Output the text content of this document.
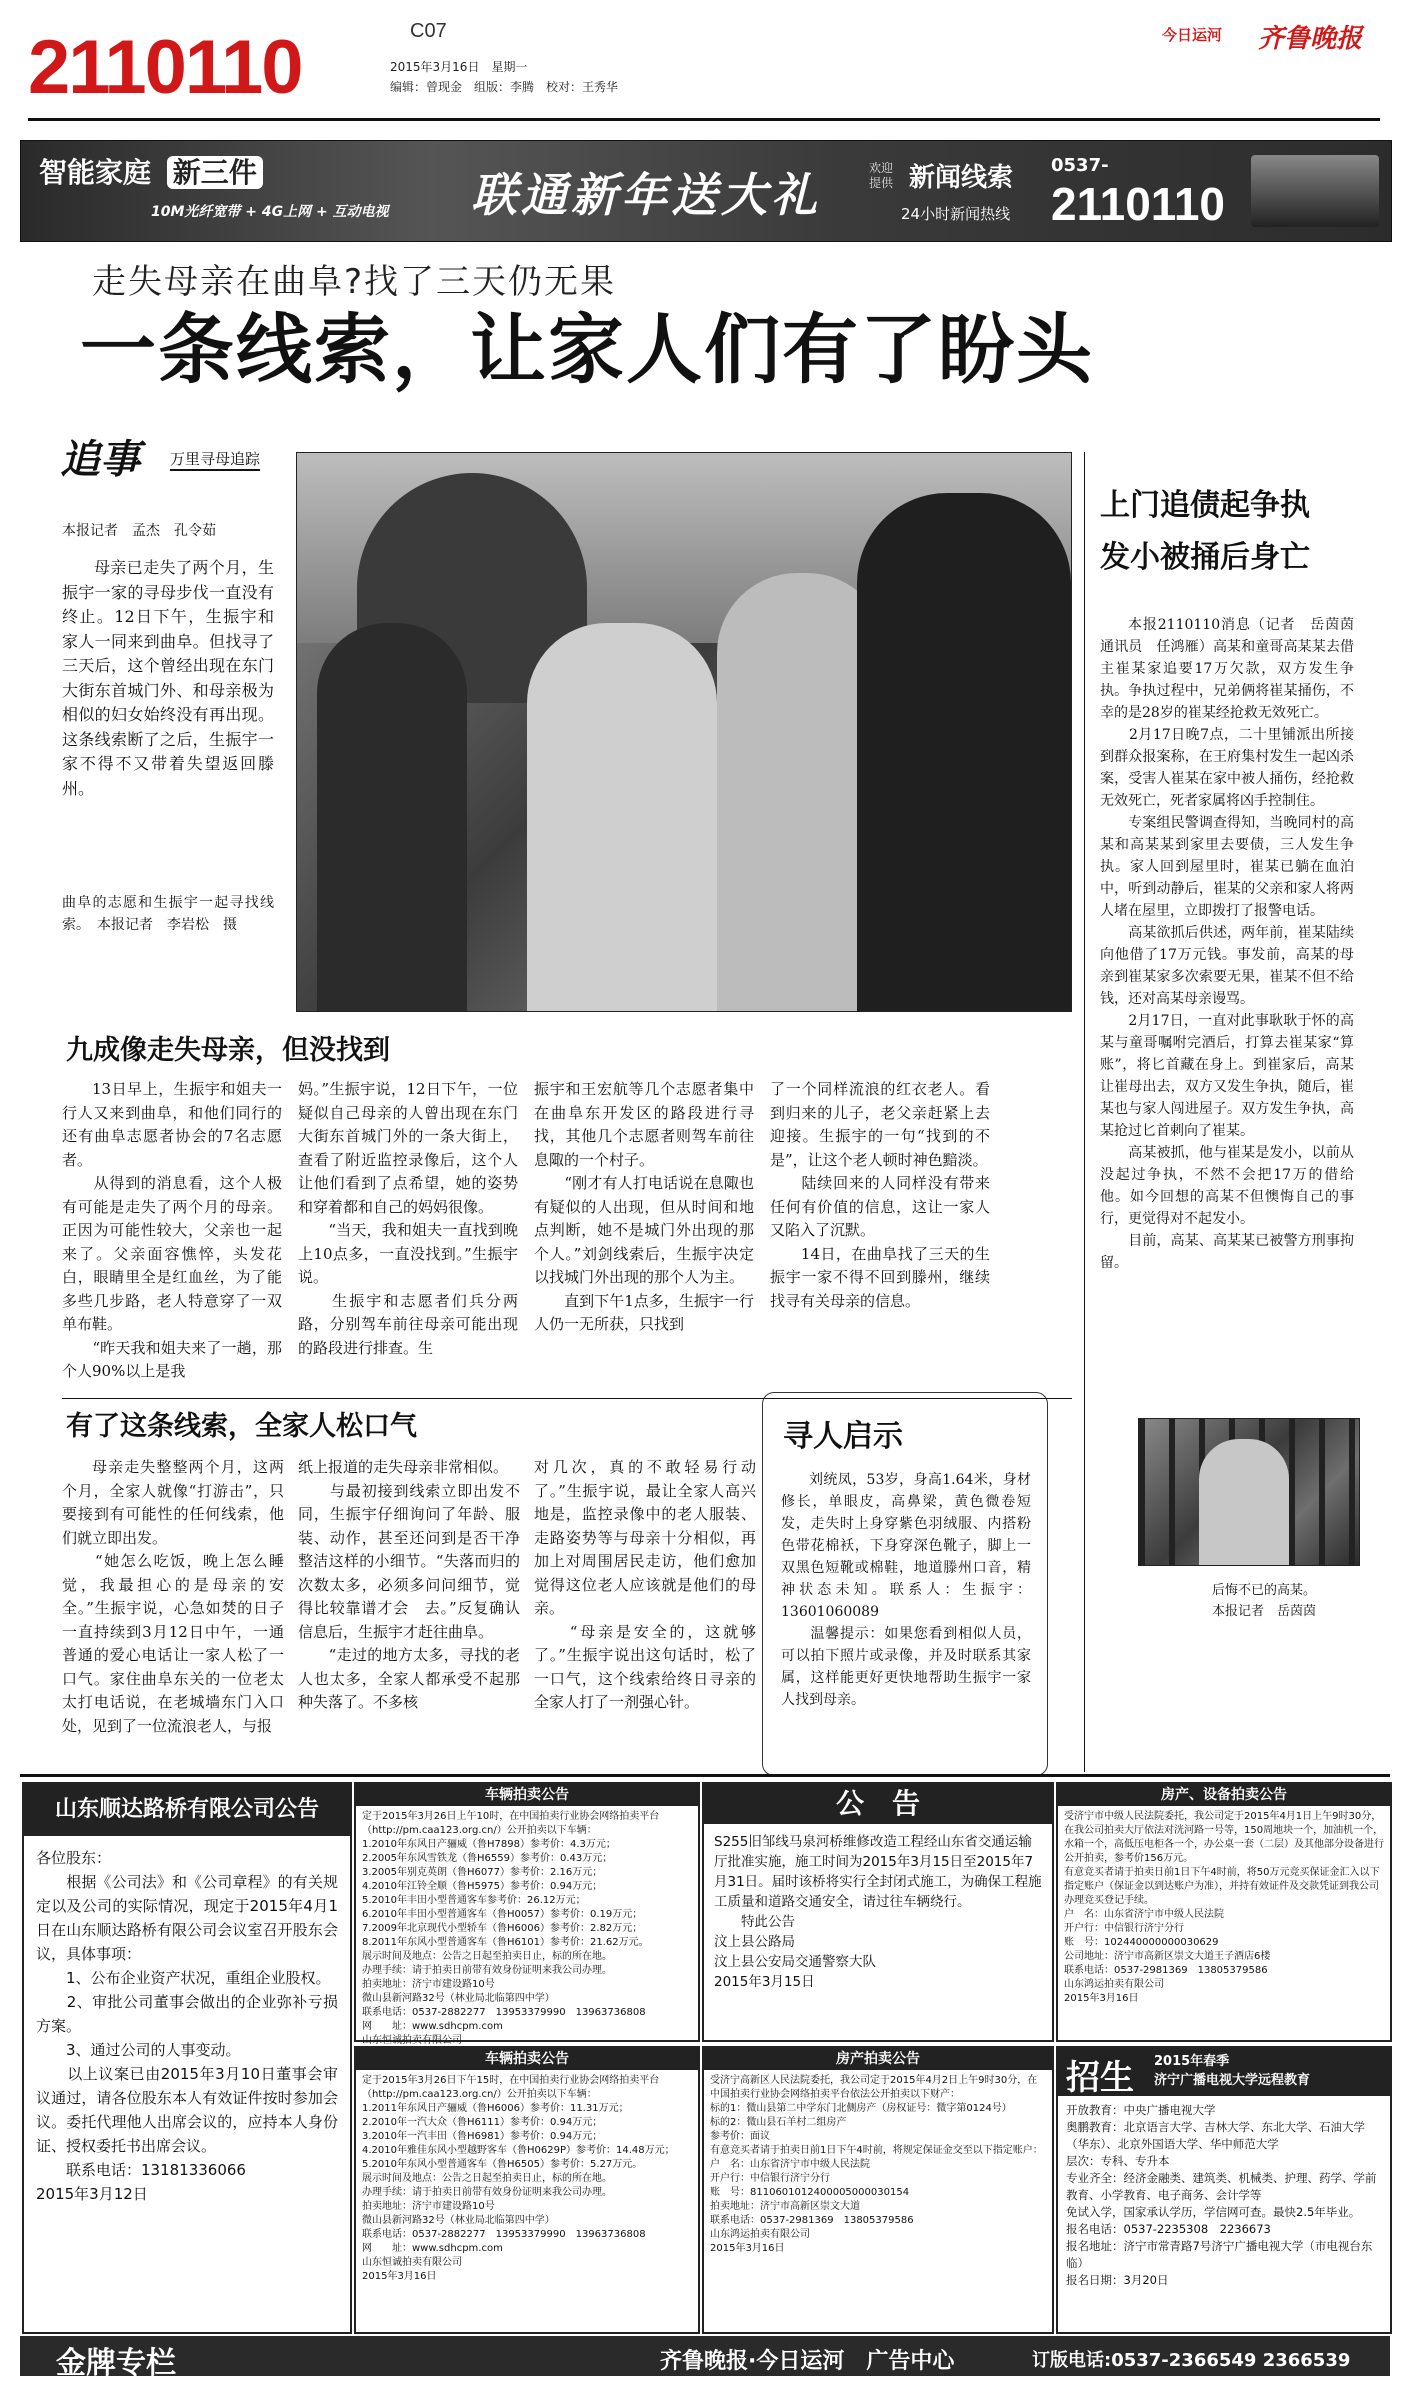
2110110	C07
2015年3月16日　星期一
编辑：曾现金　组版：李腾　校对：王秀华
今日运河 齐鲁晚报
智能家庭 新三件
10M光纤宽带 + 4G上网 + 互动电视 联通新年送大礼	欢迎提供 新闻线索
24小时新闻热线
0537-
2110110
走失母亲在曲阜?找了三天仍无果
一条线索，让家人们有了盼头
追事 万里寻母追踪
本报记者　孟杰　孔令茹
母亲已走失了两个月，生振宇一家的寻母步伐一直没有终止。12日下午，生振宇和家人一同来到曲阜。但找寻了三天后，这个曾经出现在东门大街东首城门外、和母亲极为相似的妇女始终没有再出现。这条线索断了之后，生振宇一家不得不又带着失望返回滕州。
曲阜的志愿和生振宇一起寻找线索。　本报记者　李岩松　摄
九成像走失母亲，但没找到
13日早上，生振宇和姐夫一行人又来到曲阜，和他们同行的还有曲阜志愿者协会的7名志愿者。
　　从得到的消息看，这个人极有可能是走失了两个月的母亲。正因为可能性较大，父亲也一起来了。父亲面容憔悴，头发花白，眼睛里全是红血丝，为了能多些几步路，老人特意穿了一双单布鞋。
　　“昨天我和姐夫来了一趟，那个人90%以上是我
妈。”生振宇说，12日下午，一位疑似自己母亲的人曾出现在东门大街东首城门外的一条大街上，查看了附近监控录像后，这个人让他们看到了点希望，她的姿势和穿着都和自己的妈妈很像。
　　“当天，我和姐夫一直找到晚上10点多，一直没找到。”生振宇说。
　　生振宇和志愿者们兵分两路，分别驾车前往母亲可能出现的路段进行排查。生
振宇和王宏航等几个志愿者集中在曲阜东开发区的路段进行寻找，其他几个志愿者则驾车前往息陬的一个村子。
　　“刚才有人打电话说在息陬也有疑似的人出现，但从时间和地点判断，她不是城门外出现的那个人。”刘剑线索后，生振宇决定以找城门外出现的那个人为主。
　　直到下午1点多，生振宇一行人仍一无所获，只找到
了一个同样流浪的红衣老人。看到归来的儿子，老父亲赶紧上去迎接。生振宇的一句“找到的不是”，让这个老人顿时神色黯淡。
　　陆续回来的人同样没有带来任何有价值的信息，这让一家人又陷入了沉默。
　　14日，在曲阜找了三天的生振宇一家不得不回到滕州，继续找寻有关母亲的信息。
有了这条线索，全家人松口气
母亲走失整整两个月，这两个月，全家人就像“打游击”，只要接到有可能性的任何线索，他们就立即出发。
　　“她怎么吃饭，晚上怎么睡觉，我最担心的是母亲的安全。”生振宇说，心急如焚的日子一直持续到3月12日中午，一通普通的爱心电话让一家人松了一口气。家住曲阜东关的一位老太太打电话说，在老城墙东门入口处，见到了一位流浪老人，与报
纸上报道的走失母亲非常相似。
　　与最初接到线索立即出发不同，生振宇仔细询问了年龄、服装、动作，甚至还问到是否干净整洁这样的小细节。“失落而归的次数太多，必须多问问细节，觉得比较靠谱才会　去。”反复确认信息后，生振宇才赶往曲阜。
　　“走过的地方太多，寻找的老人也太多，全家人都承受不起那种失落了。不多核
对几次，真的不敢轻易行动了。”生振宇说，最让全家人高兴地是，监控录像中的老人服装、走路姿势等与母亲十分相似，再加上对周围居民走访，他们愈加觉得这位老人应该就是他们的母亲。
　　“母亲是安全的，这就够了。”生振宇说出这句话时，松了一口气，这个线索给终日寻亲的全家人打了一剂强心针。
寻人启示
刘统凤，53岁，身高1.64米，身材修长，单眼皮，高鼻梁，黄色微卷短发，走失时上身穿紫色羽绒服、内搭粉色带花棉袄，下身穿深色靴子，脚上一双黑色短靴或棉鞋，地道滕州口音，精神状态未知。联系人：生振宇：13601060089
　　温馨提示：如果您看到相似人员，可以拍下照片或录像，并及时联系其家属，这样能更好更快地帮助生振宇一家人找到母亲。
上门追债起争执
发小被捅后身亡
本报2110110消息（记者　岳茵茵　通讯员　任鸿雁）高某和童哥高某某去借主崔某家追要17万欠款，双方发生争执。争执过程中，兄弟俩将崔某捅伤，不幸的是28岁的崔某经抢救无效死亡。
　　2月17日晚7点，二十里铺派出所接到群众报案称，在王府集村发生一起凶杀案，受害人崔某在家中被人捅伤，经抢救无效死亡，死者家属将凶手控制住。
　　专案组民警调查得知，当晚同村的高某和高某某到家里去要债，三人发生争执。家人回到屋里时，崔某已躺在血泊中，听到动静后，崔某的父亲和家人将两人堵在屋里，立即拨打了报警电话。
　　高某欲抓后供述，两年前，崔某陆续向他借了17万元钱。事发前，高某的母亲到崔某家多次索要无果，崔某不但不给钱，还对高某母亲谩骂。
　　2月17日，一直对此事耿耿于怀的高某与童哥嘱咐完酒后，打算去崔某家“算账”，将匕首藏在身上。到崔家后，高某让崔母出去，双方又发生争执，随后，崔某也与家人闯进屋子。双方发生争执，高某抢过匕首刺向了崔某。
　　高某被抓，他与崔某是发小，以前从没起过争执，不然不会把17万的借给他。如今回想的高某不但懊悔自己的事行，更觉得对不起发小。
　　目前，高某、高某某已被警方刑事拘留。
后悔不已的高某。
本报记者　岳茵茵
山东顺达路桥有限公司公告
各位股东：
　　根据《公司法》和《公司章程》的有关规定以及公司的实际情况，现定于2015年4月1日在山东顺达路桥有限公司会议室召开股东会议，具体事项：
　　1、公布企业资产状况，重组企业股权。
　　2、审批公司董事会做出的企业弥补亏损方案。
　　3、通过公司的人事变动。
　　以上议案已由2015年3月10日董事会审议通过，请各位股东本人有效证件按时参加会议。委托代理他人出席会议的，应持本人身份证、授权委托书出席会议。
　　联系电话：13181336066
2015年3月12日
车辆拍卖公告
定于2015年3月26日上午10时，在中国拍卖行业协会网络拍卖平台（http://pm.caa123.org.cn/）公开拍卖以下车辆：
1.2010年东风日产骊威（鲁H7898）参考价：4.3万元；
2.2005年东风雪铁龙（鲁H6559）参考价：0.43万元；
3.2005年别克英朗（鲁H6077）参考价：2.16万元；
4.2010年江铃全顺（鲁H5975）参考价：0.94万元；
5.2010年丰田小型普通客车参考价：26.12万元；
6.2010年丰田小型普通客车（鲁H0057）参考价：0.19万元；
7.2009年北京现代小型轿车（鲁H6006）参考价：2.82万元；
8.2011年东风小型普通客车（鲁H6101）参考价：21.62万元。
展示时间及地点：公告之日起至拍卖日止，标的所在地。
办理手续：请于拍卖日前带有效身份证明来我公司办理。
拍卖地址：济宁市建设路10号
微山县新河路32号（林业局北临第四中学）
联系电话：0537-2882277　13953379990　13963736808
网　　址：www.sdhcpm.com
山东恒诚拍卖有限公司

车辆拍卖公告
定于2015年3月26日下午15时，在中国拍卖行业协会网络拍卖平台（http://pm.caa123.org.cn/）公开拍卖以下车辆：
1.2011年东风日产骊威（鲁H6006）参考价：11.31万元；
2.2010年一汽大众（鲁H6111）参考价：0.94万元；
3.2010年一汽丰田（鲁H6981）参考价：0.94万元；
4.2010年雅佳东风小型越野客车（鲁H0629P）参考价：14.48万元；
5.2010年东风小型普通客车（鲁H6505）参考价：5.27万元。
展示时间及地点：公告之日起至拍卖日止，标的所在地。
办理手续：请于拍卖日前带有效身份证明来我公司办理。
拍卖地址：济宁市建设路10号
微山县新河路32号（林业局北临第四中学）
联系电话：0537-2882277　13953379990　13963736808
网　　址：www.sdhcpm.com
山东恒诚拍卖有限公司
2015年3月16日
公　告
S255旧邹线马泉河桥维修改造工程经山东省交通运输厅批准实施，施工时间为2015年3月15日至2015年7月31日。届时该桥将实行全封闭式施工，为确保工程施工质量和道路交通安全，请过往车辆绕行。
　　特此公告
汶上县公路局
汶上县公安局交通警察大队
2015年3月15日
房产拍卖公告
受济宁高新区人民法院委托，我公司定于2015年4月2日上午9时30分，在中国拍卖行业协会网络拍卖平台依法公开拍卖以下财产：
标的1：微山县第二中学东门北侧房产（房权证号：微字第0124号）
标的2：微山县石羊村二组房产
参考价：面议
有意竞买者请于拍卖日前1日下午4时前，将规定保证金交至以下指定账户：
户　名：山东省济宁市中级人民法院
开户行：中信银行济宁分行
账　号：8110601012400005000030154
拍卖地址：济宁市高新区崇文大道
联系电话：0537-2981369　13805379586
山东鸿运拍卖有限公司
2015年3月16日
房产、设备拍卖公告
受济宁市中级人民法院委托，我公司定于2015年4月1日上午9时30分，在我公司拍卖大厅依法对洸河路一号等，150周地块一个，加油机一个，水箱一个，高低压电柜各一个，办公桌一套（二层）及其他部分设备进行公开拍卖，参考价156万元。
有意竞买者请于拍卖日前1日下午4时前，将50万元竞买保证金汇入以下指定账户（保证金以到达账户为准），并持有效证件及交款凭证到我公司办理竞买登记手续。
户　名：山东省济宁市中级人民法院
开户行：中信银行济宁分行
账　号：102440000000030629
公司地址：济宁市高新区崇文大道王子酒店6楼
联系电话：0537-2981369　13805379586
山东鸿运拍卖有限公司
2015年3月16日
招生 2015年春季
济宁广播电视大学远程教育
开放教育：中央广播电视大学
奥鹏教育：北京语言大学、吉林大学、东北大学、石油大学（华东）、北京外国语大学、华中师范大学
层次：专科、专升本
专业齐全：经济金融类、建筑类、机械类、护理、药学、学前教育、小学教育、电子商务、会计学等
免试入学，国家承认学历，学信网可查。最快2.5年毕业。
报名电话：0537-2235308　2236673
报名地址：济宁市常青路7号济宁广播电视大学（市电视台东临）
报名日期：3月20日
金牌专栏	齐鲁晚报·今日运河　广告中心	订版电话:0537-2366549 2366539
